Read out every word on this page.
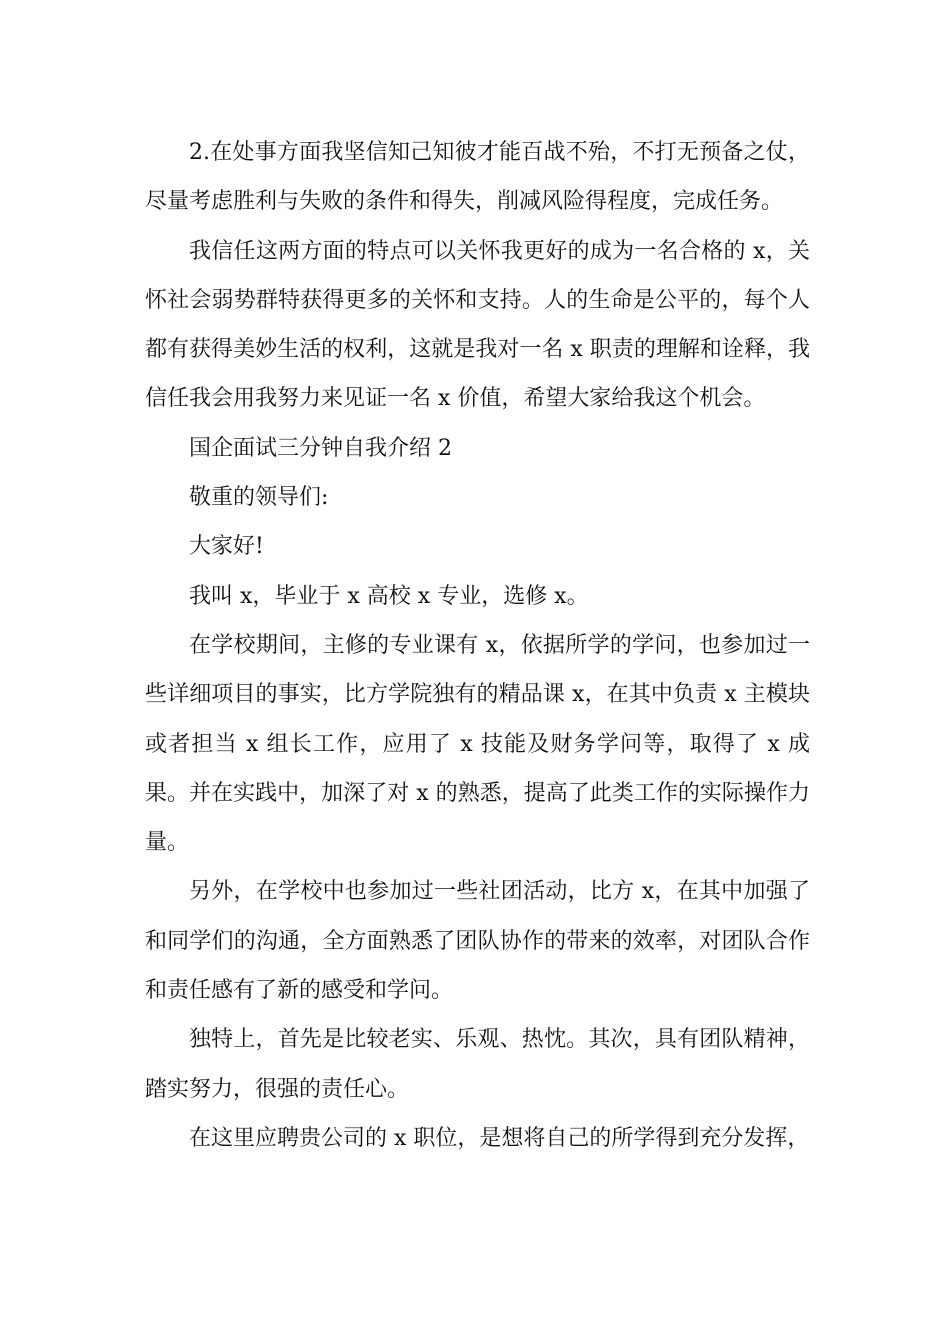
2.在处事方面我坚信知己知彼才能百战不殆，不打无预备之仗，尽量考虑胜利与失败的条件和得失，削减风险得程度，完成任务。

我信任这两方面的特点可以关怀我更好的成为一名合格的 x，关怀社会弱势群特获得更多的关怀和支持。人的生命是公平的，每个人都有获得美妙生活的权利，这就是我对一名 x 职责的理解和诠释，我信任我会用我努力来见证一名 x 价值，希望大家给我这个机会。

国企面试三分钟自我介绍 2

敬重的领导们:

大家好!

我叫 x，毕业于 x 高校 x 专业，选修 x。

在学校期间，主修的专业课有 x，依据所学的学问，也参加过一些详细项目的事实，比方学院独有的精品课 x，在其中负责 x 主模块或者担当 x 组长工作，应用了 x 技能及财务学问等，取得了 x 成果。并在实践中，加深了对 x 的熟悉，提高了此类工作的实际操作力量。

另外，在学校中也参加过一些社团活动，比方 x，在其中加强了和同学们的沟通，全方面熟悉了团队协作的带来的效率，对团队合作和责任感有了新的感受和学问。

独特上，首先是比较老实、乐观、热忱。其次，具有团队精神，踏实努力，很强的责任心。

在这里应聘贵公司的 x 职位，是想将自己的所学得到充分发挥，
